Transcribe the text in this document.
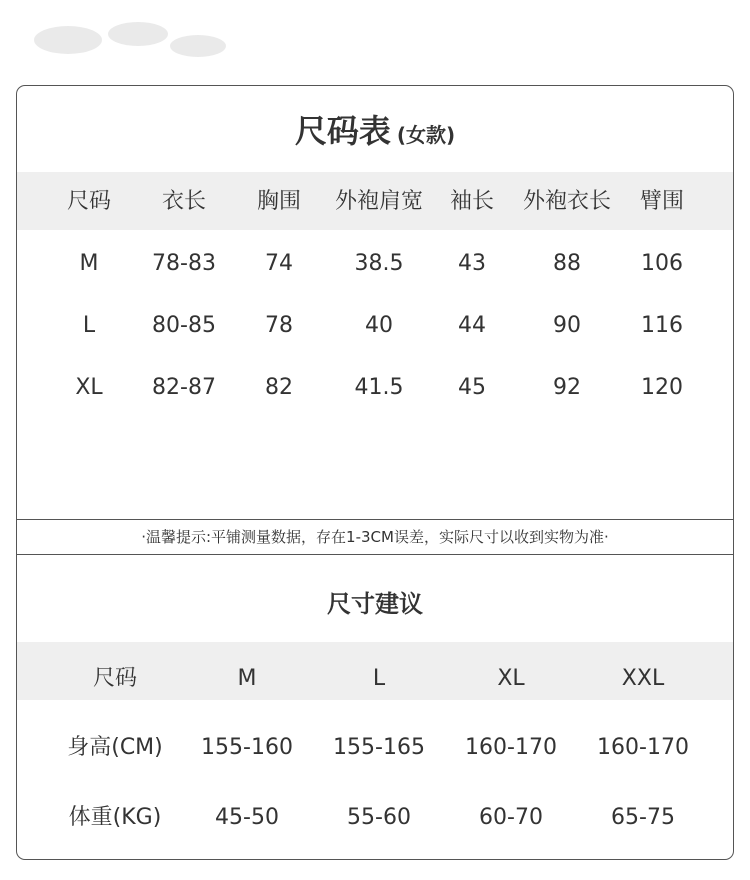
尺码表 (女款)
尺码	衣长	胸围	外袍肩宽	袖长	外袍衣长	臂围
M	78-83	74	38.5	43	88	106
L	80-85	78	40	44	90	116
XL	82-87	82	41.5	45	92	120
·温馨提示:平铺测量数据，存在1-3CM误差，实际尺寸以收到实物为准·
尺寸建议
尺码	M	L	XL	XXL
身高(CM)	155-160	155-165	160-170	160-170
体重(KG)	45-50	55-60	60-70	65-75
